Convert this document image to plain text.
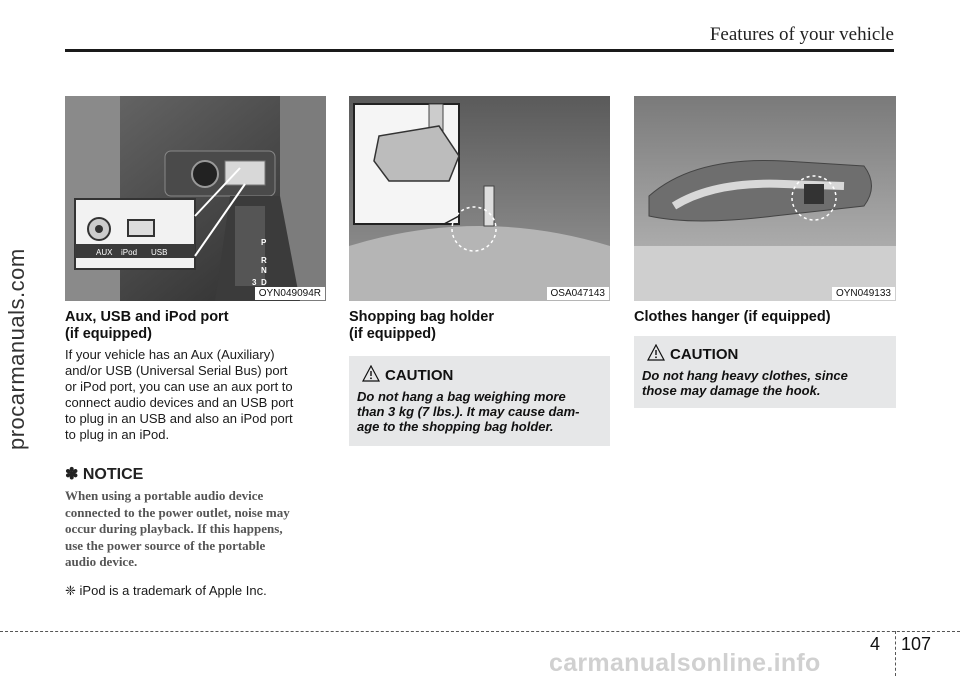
Features of your vehicle
procarmanuals.com	AUX iPod USB
P
R
N
3 D
OYN049094R	OSA047143	OYN049133
Aux, USB and iPod port
(if equipped)
If your vehicle has an Aux (Auxiliary)
and/or USB (Universal Serial Bus) port
or iPod port, you can use an aux port to
connect audio devices and an USB port
to plug in an USB and also an iPod port
to plug in an iPod.
✽ NOTICE
When using a portable audio device
connected to the power outlet, noise may
occur during playback. If this happens,
use the power source of the portable
audio device.
❈ iPod is a trademark of Apple Inc.
Shopping bag holder
(if equipped)
CAUTION
Do not hang a bag weighing more
than 3 kg (7 lbs.). It may cause dam-
age to the shopping bag holder.
Clothes hanger (if equipped)
CAUTION
Do not hang heavy clothes, since
those may damage the hook.
4 107
carmanualsonline.info
